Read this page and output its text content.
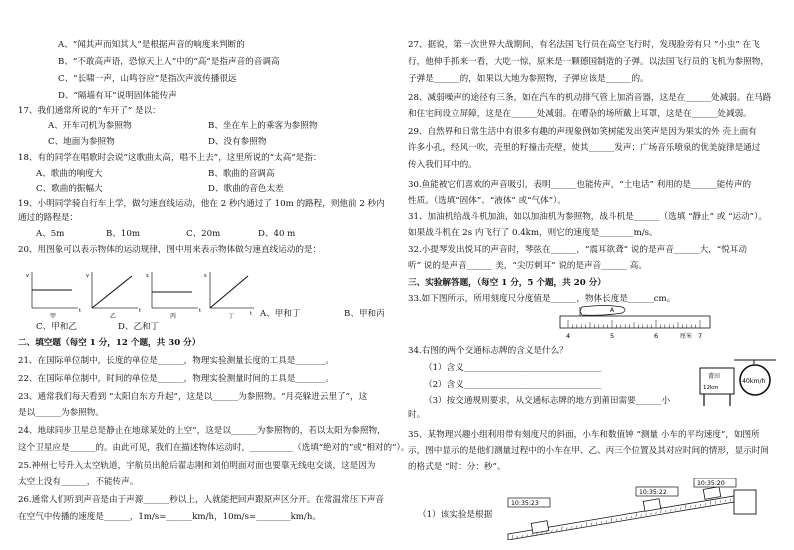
A、“闻其声而知其人”是根据声音的响度来判断的
B、“不敢高声语，恐惊天上人”中的“高”是指声音的音调高
C、“长啸一声，山鸣谷应”是指次声波传播很远
D、“隔墙有耳”说明固体能传声
17、我们通常所说的“车开了” 是以：
A、开车司机为参照物	B、坐在车上的乘客为参照物
C、地面为参照物	D、没有参照物
18、有的同学在唱歌时会说“这歌曲太高，唱不上去”，这里所说的“太高”是指：
A、歌曲的响度大	B、歌曲的音调高
C、歌曲的振幅大	D、歌曲的音色太差
19、小明同学骑自行车上学，做匀速直线运动，他在 2 秒内通过了 10m 的路程，则他前 2 秒内
通过的路程是：
A、5m	B、10m	C、20m	D、40 m
20、用图象可以表示物体的运动规律，图中用来表示物体做匀速直线运动的是：
v
t
甲
v
t
乙
s
t
丙
s
t
丁	A、甲和丁	B、甲和丙
C、甲和乙	D、乙和丁
二、填空题（每空 1 分，12 个题，共 30 分）
21、在国际单位制中，长度的单位是______，物理实验测量长度的工具是_______。
22、在国际单位制中，时间的单位是______，物理实验测量时间的工具是_______。
23、通常我们每天看到 “太阳自东方升起”，这是以______为参照物。“月亮躲进云里了”，这
是以______为参照物。
24、地球同步卫星总是静止在地球某处的上空”，这是以______为参照物的，若以太阳为参照物，
这个卫星应是______的。由此可见，我们在描述物体运动时，__________（选填“绝对的”或“相对的”）。
25.神州七号升入太空轨道，宇航员出舱后翟志刚和刘伯明面对面也要靠无线电交谈，这是因为
太空上没有______，不能传声。
26.通常人们听到声音是由于声源______秒以上，人就能把回声跟原声区分开。在常温常压下声音
在空气中传播的速度是______，1m/s=______km/h，10m/s=________km/h。
27、据说，第一次世界大战期间，有名法国飞行员在高空飞行时，发现脸旁有只 “小虫” 在飞
行，他伸手抓来一看，大吃一惊，原来是一颗德国制造的子弹。以法国飞行员的飞机为参照物，
子弹是______的，如果以大地为参照物，子弹应该是______的。
28、减弱噪声的途径有三条，如在汽车的机动排气管上加消音器，这是在______处减弱。在马路
和住宅间设立屏障，这是在______处减弱。在嘈杂的场所戴上耳罩，这是在______处减弱。
29、自然界和日常生活中有很多有趣的声现象例如笑树能发出笑声是因为果实的外 壳上面有
许多小孔，经风一吹，壳里的籽撞击壳壁，使其______发声；广场音乐喷泉的优美旋律是通过
传入我们耳中的。
30.鱼能被它们喜欢的声音吸引，表明______也能传声，“土电话” 利用的是______能传声的
性质。（选填“固体”、“液体” 或“气体”）。
31、加油机给战斗机加油，如以加油机为参照物，战斗机是______（选填 “静止” 或 “运动”）。
如果战斗机在 2s 内飞行了 0.4km，则它的速度是________m/s。
32.小提琴发出悦耳的声音时，琴弦在______，“震耳欲聋” 说的是声音______大，“悦耳动
听” 说的是声音______ 美，“尖厉刺耳” 说的是声音______ 高。
三、实验解答题，（每空 1 分，5 个题，共 20 分）
33.如下图所示，所用刻度尺分度值是______，物体长度是______cm。
A
4	5	6	7
厘米
34.右图的两个交通标志牌的含义是什么？
（1）含义________________________________
（2）含义________________________________
（3）按交通规则要求，从交通标志牌的地方到莆田需要______小
时。
莆田
12km
40km/h
35、某物理兴趣小组利用带有刻度尺的斜面，小车和数值钟 “测量 小车的平均速度”，如图所
示，图中显示的是他们测量过程中的小车在甲、乙、丙三个位置及其对应时间的情形，显示时间
的格式是 “时：分：秒”。
10:35:20
10:35:22
10:35:23
（1）该实验是根据
